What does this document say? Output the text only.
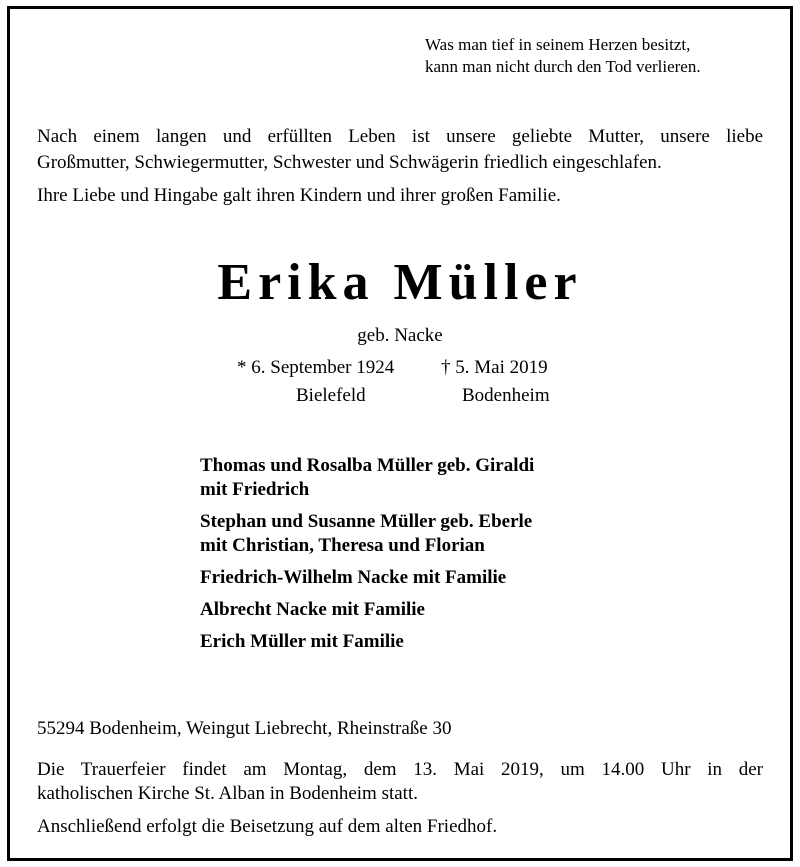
Was man tief in seinem Herzen besitzt,
kann man nicht durch den Tod verlieren.
Nach einem langen und erfüllten Leben ist unsere geliebte Mutter, unsere liebe
Großmutter, Schwiegermutter, Schwester und Schwägerin friedlich eingeschlafen.
Ihre Liebe und Hingabe galt ihren Kindern und ihrer großen Familie.
Erika Müller
geb. Nacke
* 6. September 1924 † 5. Mai 2019
Bielefeld	Bodenheim
Thomas und Rosalba Müller geb. Giraldi
mit Friedrich
Stephan und Susanne Müller geb. Eberle
mit Christian, Theresa und Florian
Friedrich-Wilhelm Nacke mit Familie
Albrecht Nacke mit Familie
Erich Müller mit Familie
55294 Bodenheim, Weingut Liebrecht, Rheinstraße 30
Die Trauerfeier findet am Montag, dem 13. Mai 2019, um 14.00 Uhr in der
katholischen Kirche St. Alban in Bodenheim statt.
Anschließend erfolgt die Beisetzung auf dem alten Friedhof.
